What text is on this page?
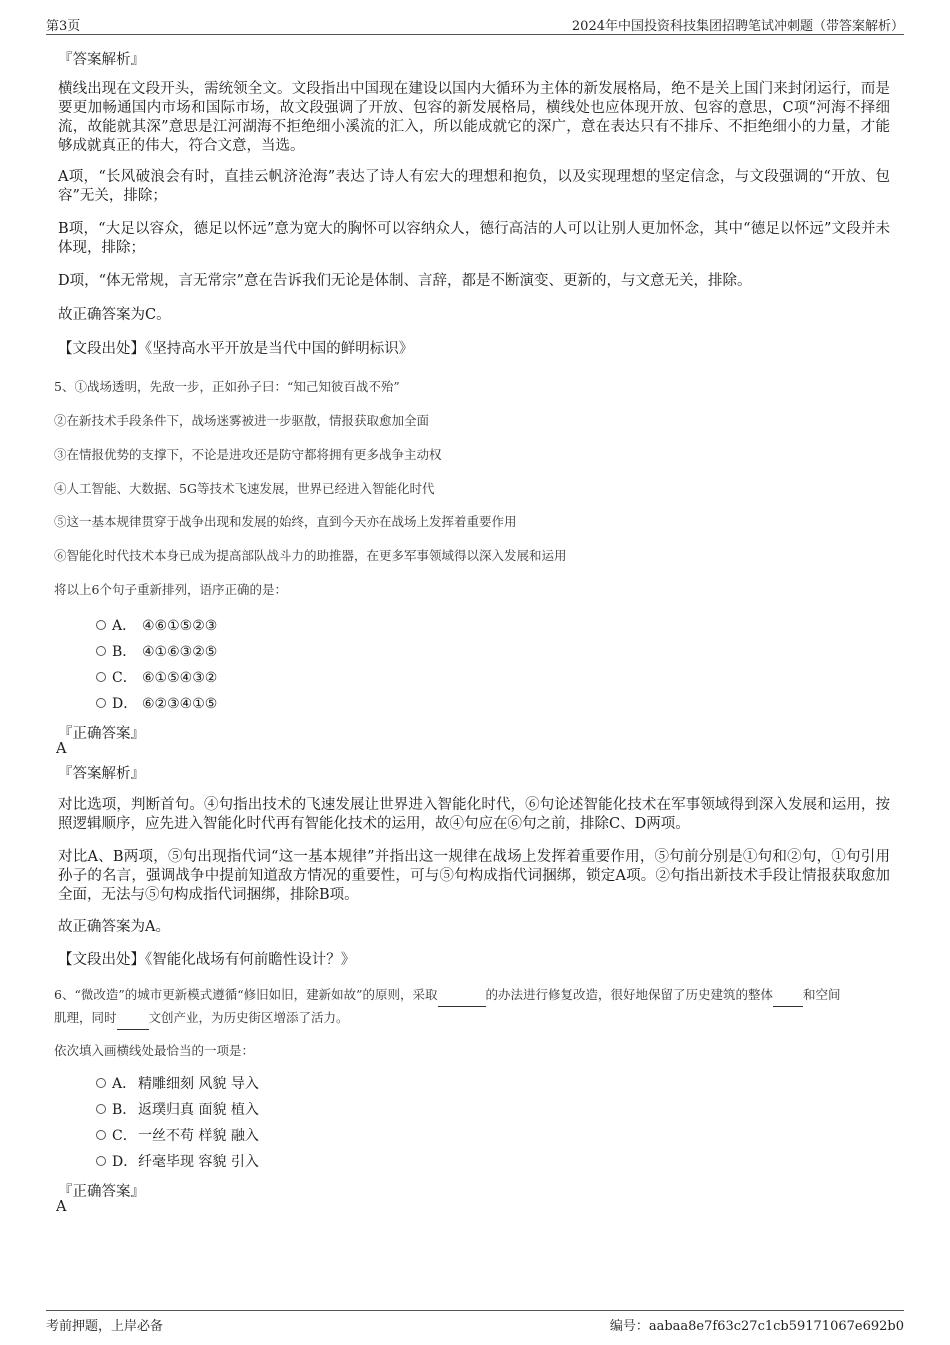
第3页	2024年中国投资科技集团招聘笔试冲刺题（带答案解析）
『答案解析』
横线出现在文段开头，需统领全文。文段指出中国现在建设以国内大循环为主体的新发展格局，绝不是关上国门来封闭运行，而是要更加畅通国内市场和国际市场，故文段强调了开放、包容的新发展格局，横线处也应体现开放、包容的意思，C项“河海不择细流，故能就其深”意思是江河湖海不拒绝细小溪流的汇入，所以能成就它的深广，意在表达只有不排斥、不拒绝细小的力量，才能够成就真正的伟大，符合文意，当选。
A项，“长风破浪会有时，直挂云帆济沧海”表达了诗人有宏大的理想和抱负，以及实现理想的坚定信念，与文段强调的“开放、包容”无关，排除；
B项，“大足以容众，德足以怀远”意为宽大的胸怀可以容纳众人，德行高洁的人可以让别人更加怀念，其中“德足以怀远”文段并未体现，排除；
D项，“体无常规，言无常宗”意在告诉我们无论是体制、言辞，都是不断演变、更新的，与文意无关，排除。
故正确答案为C。
【文段出处】《坚持高水平开放是当代中国的鲜明标识》
5、①战场透明，先敌一步，正如孙子曰：“知己知彼百战不殆”
②在新技术手段条件下，战场迷雾被进一步驱散，情报获取愈加全面
③在情报优势的支撑下，不论是进攻还是防守都将拥有更多战争主动权
④人工智能、大数据、5G等技术飞速发展，世界已经进入智能化时代
⑤这一基本规律贯穿于战争出现和发展的始终，直到今天亦在战场上发挥着重要作用
⑥智能化时代技术本身已成为提高部队战斗力的助推器，在更多军事领域得以深入发展和运用
将以上6个句子重新排列，语序正确的是：
A． ④⑥①⑤②③
B． ④①⑥③②⑤
C． ⑥①⑤④③②
D． ⑥②③④①⑤
『正确答案』
A
『答案解析』
对比选项，判断首句。④句指出技术的飞速发展让世界进入智能化时代，⑥句论述智能化技术在军事领域得到深入发展和运用，按照逻辑顺序，应先进入智能化时代再有智能化技术的运用，故④句应在⑥句之前，排除C、D两项。
对比A、B两项，⑤句出现指代词“这一基本规律”并指出这一规律在战场上发挥着重要作用，⑤句前分别是①句和②句，①句引用孙子的名言，强调战争中提前知道敌方情况的重要性，可与⑤句构成指代词捆绑，锁定A项。②句指出新技术手段让情报获取愈加全面，无法与⑤句构成指代词捆绑，排除B项。
故正确答案为A。
【文段出处】《智能化战场有何前瞻性设计？》
6、“微改造”的城市更新模式遵循“修旧如旧，建新如故”的原则，采取	的办法进行修复改造，很好地保留了历史建筑的整体 和空间
肌理，同时	文创产业，为历史街区增添了活力。
依次填入画横线处最恰当的一项是：
A． 精雕细刻 风貌 导入
B． 返璞归真 面貌 植入
C．一丝不苟 样貌 融入
D．纤毫毕现 容貌 引入
『正确答案』
A
考前押题，上岸必备	编号：aabaa8e7f63c27c1cb59171067e692b0
